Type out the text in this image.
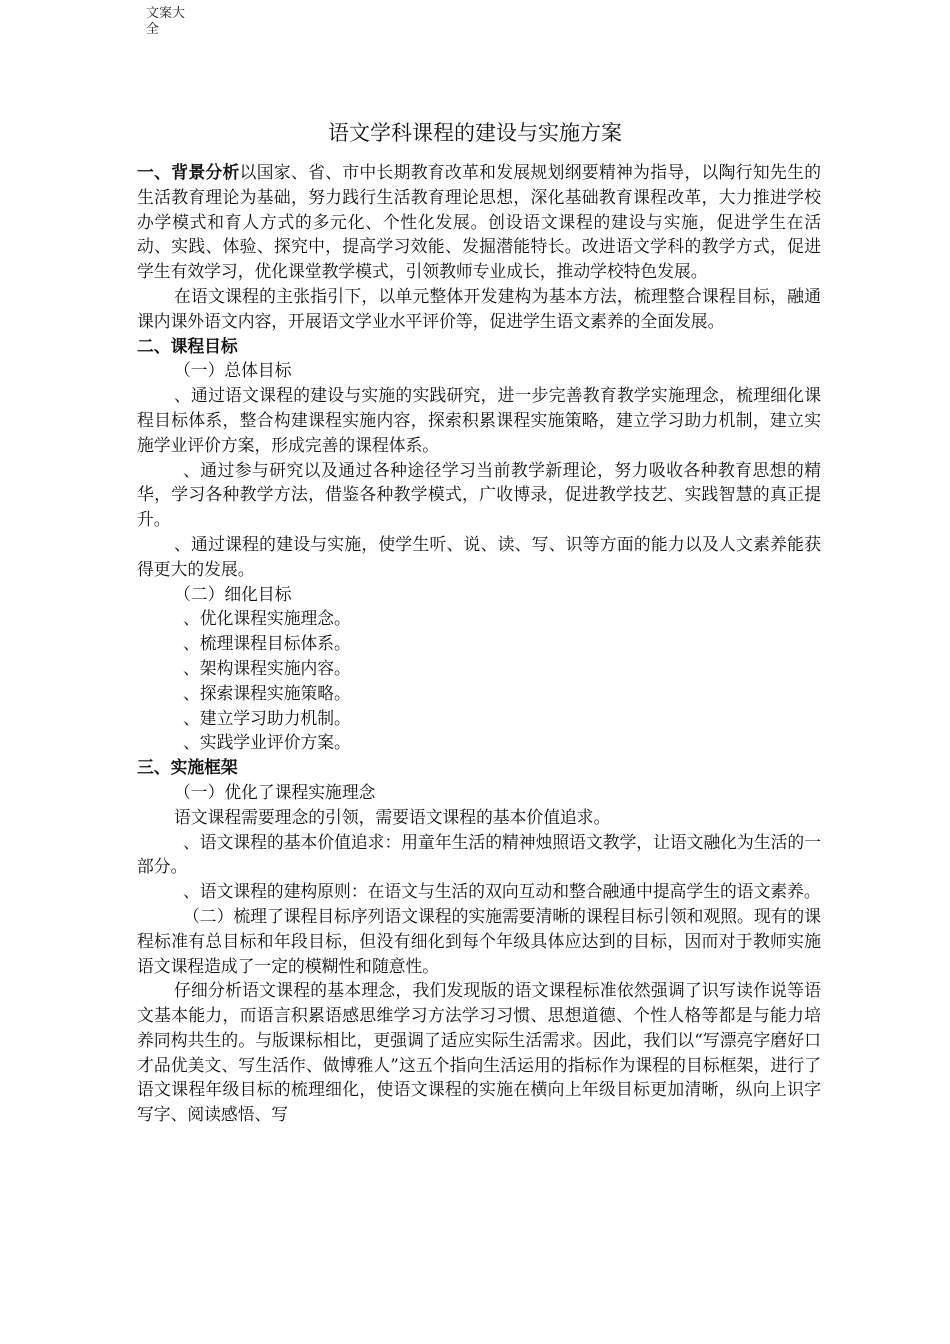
文案大全
语文学科课程的建设与实施方案

一、背景分析以国家、省、市中长期教育改革和发展规划纲要精神为指导，以陶行知先生的生活教育理论为基础，努力践行生活教育理论思想，深化基础教育课程改革，大力推进学校办学模式和育人方式的多元化、个性化发展。创设语文课程的建设与实施，促进学生在活动、实践、体验、探究中，提高学习效能、发掘潜能特长。改进语文学科的教学方式，促进学生有效学习，优化课堂教学模式，引领教师专业成长，推动学校特色发展。

在语文课程的主张指引下，以单元整体开发建构为基本方法，梳理整合课程目标，融通课内课外语文内容，开展语文学业水平评价等，促进学生语文素养的全面发展。

二、课程目标

（一）总体目标

、通过语文课程的建设与实施的实践研究，进一步完善教育教学实施理念，梳理细化课程目标体系，整合构建课程实施内容，探索积累课程实施策略，建立学习助力机制，建立实施学业评价方案，形成完善的课程体系。

、通过参与研究以及通过各种途径学习当前教学新理论，努力吸收各种教育思想的精华，学习各种教学方法，借鉴各种教学模式，广收博录，促进教学技艺、实践智慧的真正提升。

、通过课程的建设与实施，使学生听、说、读、写、识等方面的能力以及人文素养能获得更大的发展。

（二）细化目标

、优化课程实施理念。

、梳理课程目标体系。

、架构课程实施内容。

、探索课程实施策略。

、建立学习助力机制。

、实践学业评价方案。

三、实施框架

（一）优化了课程实施理念

语文课程需要理念的引领，需要语文课程的基本价值追求。

、语文课程的基本价值追求：用童年生活的精神烛照语文教学，让语文融化为生活的一部分。

、语文课程的建构原则：在语文与生活的双向互动和整合融通中提高学生的语文素养。

（二）梳理了课程目标序列语文课程的实施需要清晰的课程目标引领和观照。现有的课程标准有总目标和年段目标，但没有细化到每个年级具体应达到的目标，因而对于教师实施语文课程造成了一定的模糊性和随意性。

仔细分析语文课程的基本理念，我们发现版的语文课程标准依然强调了识写读作说等语文基本能力，而语言积累语感思维学习方法学习习惯、思想道德、个性人格等都是与能力培养同构共生的。与版课标相比，更强调了适应实际生活需求。因此，我们以“写漂亮字磨好口才品优美文、写生活作、做博雅人”这五个指向生活运用的指标作为课程的目标框架，进行了语文课程年级目标的梳理细化，使语文课程的实施在横向上年级目标更加清晰，纵向上识字写字、阅读感悟、写
